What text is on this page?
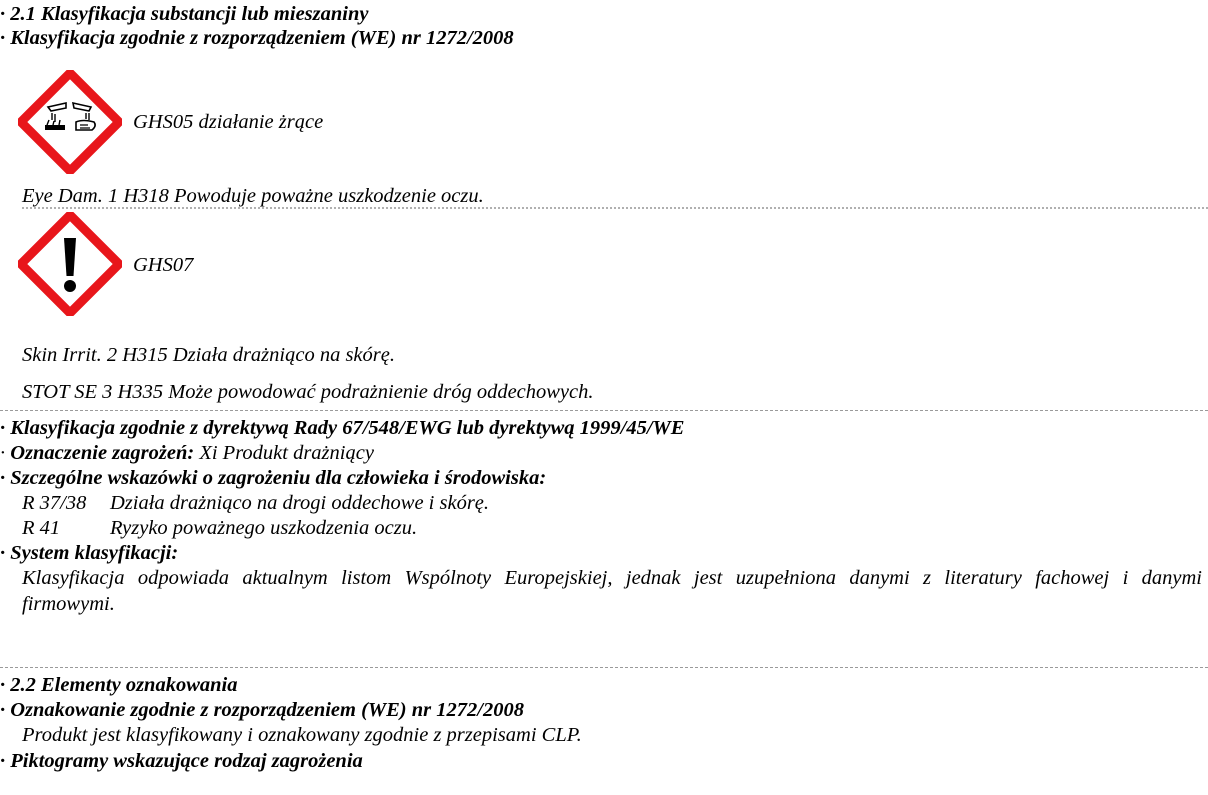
· 2.1 Klasyfikacja substancji lub mieszaniny
· Klasyfikacja zgodnie z rozporządzeniem (WE) nr 1272/2008
GHS05 działanie żrące
Eye Dam. 1 H318 Powoduje poważne uszkodzenie oczu.
GHS07
Skin Irrit. 2 H315 Działa drażniąco na skórę.
STOT SE 3 H335 Może powodować podrażnienie dróg oddechowych.
· Klasyfikacja zgodnie z dyrektywą Rady 67/548/EWG lub dyrektywą 1999/45/WE
· Oznaczenie zagrożeń: Xi Produkt drażniący
· Szczególne wskazówki o zagrożeniu dla człowieka i środowiska:
R 37/38 Działa drażniąco na drogi oddechowe i skórę.
R 41 Ryzyko poważnego uszkodzenia oczu.
· System klasyfikacji:
Klasyfikacja odpowiada aktualnym listom Wspólnoty Europejskiej, jednak jest uzupełniona danymi z literatury fachowej i danymi firmowymi.
· 2.2 Elementy oznakowania
· Oznakowanie zgodnie z rozporządzeniem (WE) nr 1272/2008
Produkt jest klasyfikowany i oznakowany zgodnie z przepisami CLP.
· Piktogramy wskazujące rodzaj zagrożenia
